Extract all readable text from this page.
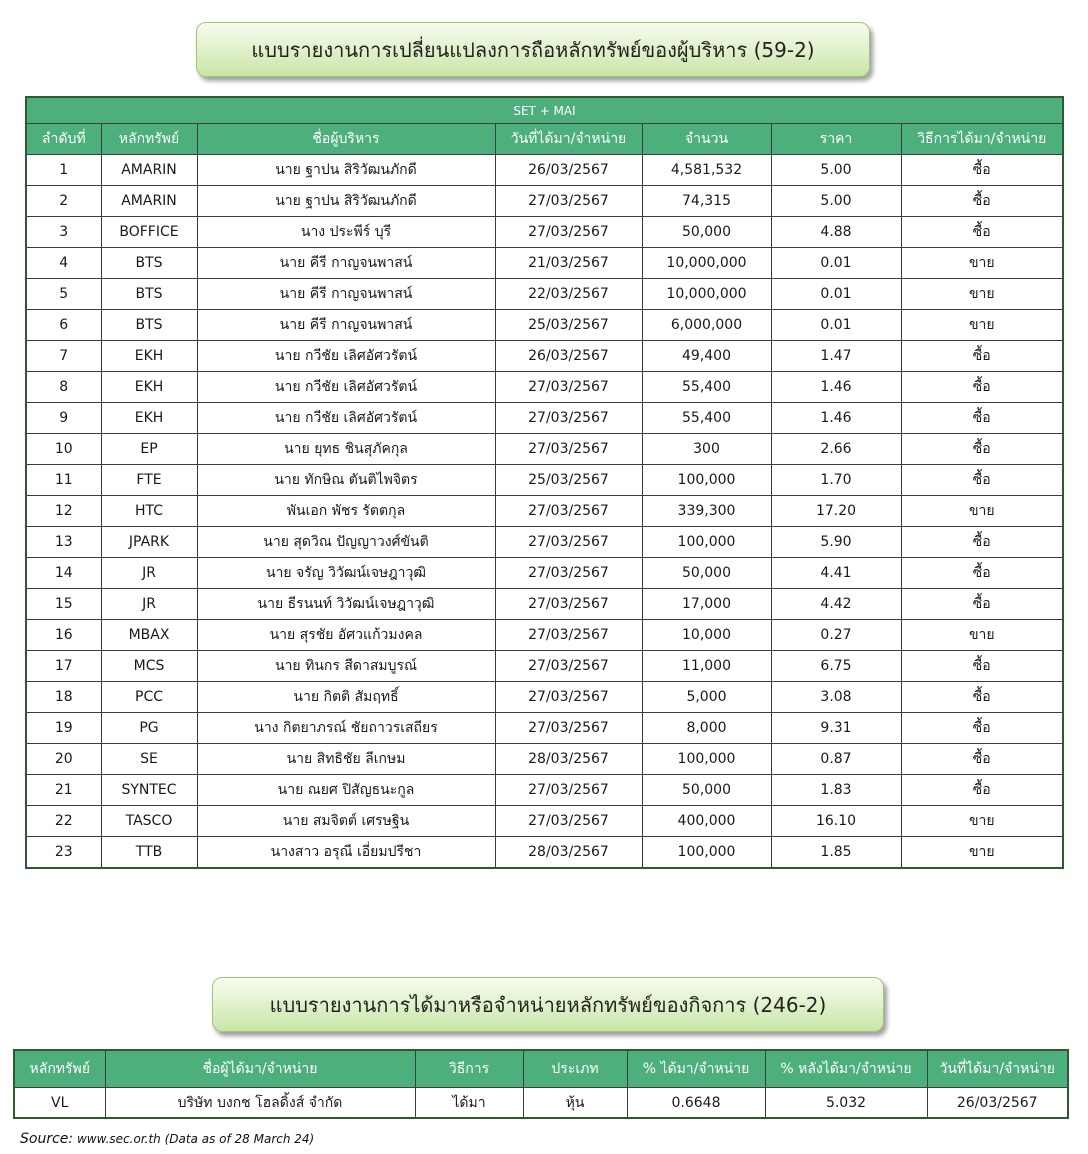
แบบรายงานการเปลี่ยนแปลงการถือหลักทรัพย์ของผู้บริหาร (59-2)
SET + MAI						
ลำดับที่	หลักทรัพย์	ชื่อผู้บริหาร	วันที่ได้มา/จำหน่าย	จำนวน	ราคา	วิธีการได้มา/จำหน่าย
1	AMARIN	นาย ฐาปน สิริวัฒนภักดี	26/03/2567	4,581,532	5.00	ซื้อ
2	AMARIN	นาย ฐาปน สิริวัฒนภักดี	27/03/2567	74,315	5.00	ซื้อ
3	BOFFICE	นาง ประพีร์ บุรี	27/03/2567	50,000	4.88	ซื้อ
4	BTS	นาย คีรี กาญจนพาสน์	21/03/2567	10,000,000	0.01	ขาย
5	BTS	นาย คีรี กาญจนพาสน์	22/03/2567	10,000,000	0.01	ขาย
6	BTS	นาย คีรี กาญจนพาสน์	25/03/2567	6,000,000	0.01	ขาย
7	EKH	นาย กวีชัย เลิศอัศวรัตน์	26/03/2567	49,400	1.47	ซื้อ
8	EKH	นาย กวีชัย เลิศอัศวรัตน์	27/03/2567	55,400	1.46	ซื้อ
9	EKH	นาย กวีชัย เลิศอัศวรัตน์	27/03/2567	55,400	1.46	ซื้อ
10	EP	นาย ยุทธ ชินสุภัคกุล	27/03/2567	300	2.66	ซื้อ
11	FTE	นาย ทักษิณ ตันติไพจิตร	25/03/2567	100,000	1.70	ซื้อ
12	HTC	พันเอก พัชร รัตตกุล	27/03/2567	339,300	17.20	ขาย
13	JPARK	นาย สุดวิณ ปัญญาวงศ์ขันติ	27/03/2567	100,000	5.90	ซื้อ
14	JR	นาย จรัญ วิวัฒน์เจษฎาวุฒิ	27/03/2567	50,000	4.41	ซื้อ
15	JR	นาย ธีรนนท์ วิวัฒน์เจษฎาวุฒิ	27/03/2567	17,000	4.42	ซื้อ
16	MBAX	นาย สุรชัย อัศวแก้วมงคล	27/03/2567	10,000	0.27	ขาย
17	MCS	นาย ทินกร สีดาสมบูรณ์	27/03/2567	11,000	6.75	ซื้อ
18	PCC	นาย กิตติ สัมฤทธิ์	27/03/2567	5,000	3.08	ซื้อ
19	PG	นาง กิตยาภรณ์ ชัยถาวรเสถียร	27/03/2567	8,000	9.31	ซื้อ
20	SE	นาย สิทธิชัย ลีเกษม	28/03/2567	100,000	0.87	ซื้อ
21	SYNTEC	นาย ณยศ ปิสัญธนะกูล	27/03/2567	50,000	1.83	ซื้อ
22	TASCO	นาย สมจิตต์ เศรษฐิน	27/03/2567	400,000	16.10	ขาย
23	TTB	นางสาว อรุณี เอี่ยมปรีชา	28/03/2567	100,000	1.85	ขาย
แบบรายงานการได้มาหรือจำหน่ายหลักทรัพย์ของกิจการ (246-2)
หลักทรัพย์	ชื่อผู้ได้มา/จำหน่าย	วิธีการ	ประเภท	% ได้มา/จำหน่าย	% หลังได้มา/จำหน่าย	วันที่ได้มา/จำหน่าย
VL	บริษัท บงกช โฮลดิ้งส์ จำกัด	ได้มา	หุ้น	0.6648	5.032	26/03/2567
Source: www.sec.or.th (Data as of 28 March 24)
